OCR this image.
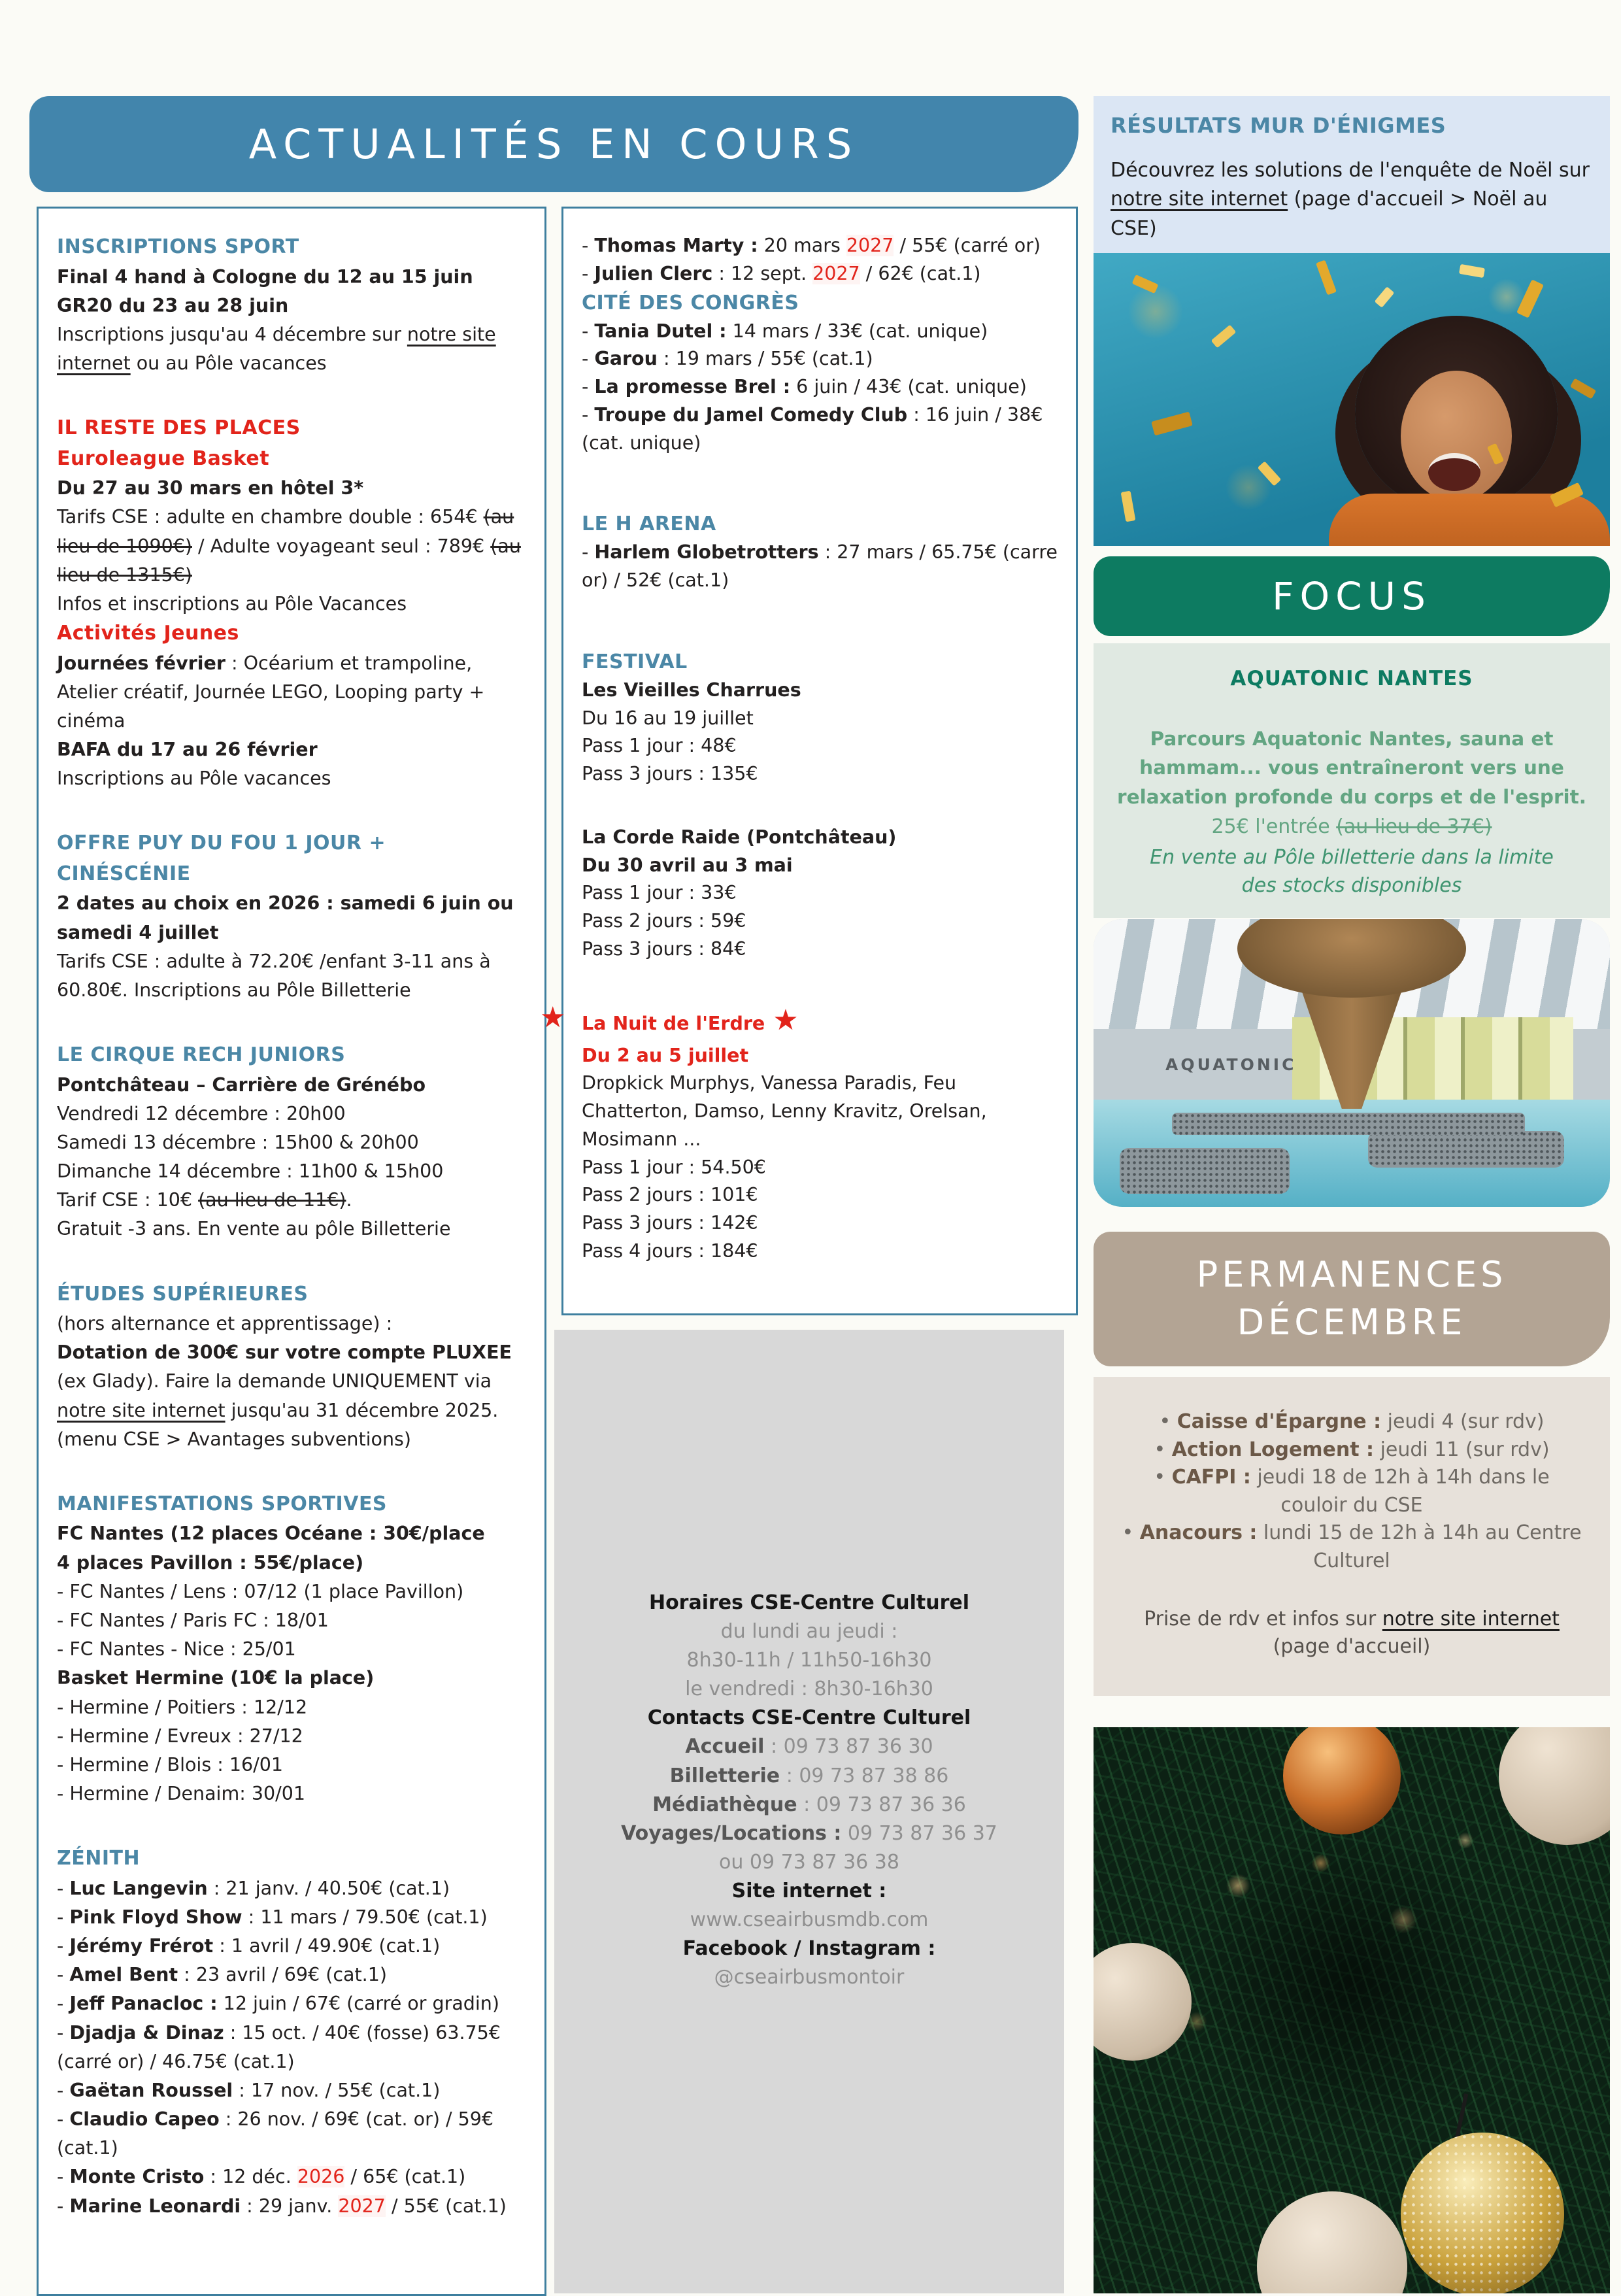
ACTUALITÉS EN COURS
INSCRIPTIONS SPORT
Final 4 hand à Cologne du 12 au 15 juin
GR20 du 23 au 28 juin
Inscriptions jusqu'au 4 décembre sur notre site internet ou au Pôle vacances
IL RESTE DES PLACES
Euroleague Basket
Du 27 au 30 mars en hôtel 3*
Tarifs CSE : adulte en chambre double : 654€ (au lieu de 1090€) / Adulte voyageant seul : 789€ (au lieu de 1315€)
Infos et inscriptions au Pôle Vacances
Activités Jeunes
Journées février : Océarium et trampoline, Atelier créatif, Journée LEGO, Looping party + cinéma
BAFA du 17 au 26 février
Inscriptions au Pôle vacances
OFFRE PUY DU FOU 1 JOUR + CINÉSCÉNIE
2 dates au choix en 2026 : samedi 6 juin ou
samedi 4 juillet
Tarifs CSE : adulte à 72.20€ /enfant 3-11 ans à 60.80€. Inscriptions au Pôle Billetterie
LE CIRQUE RECH JUNIORS
Pontchâteau – Carrière de Grénébo
Vendredi 12 décembre : 20h00
Samedi 13 décembre : 15h00 & 20h00
Dimanche 14 décembre : 11h00 & 15h00
Tarif CSE : 10€ (au lieu de 11€).
Gratuit -3 ans. En vente au pôle Billetterie
ÉTUDES SUPÉRIEURES
(hors alternance et apprentissage) :
Dotation de 300€ sur votre compte PLUXEE
(ex Glady). Faire la demande UNIQUEMENT via notre site internet jusqu'au 31 décembre 2025. (menu CSE > Avantages subventions)
MANIFESTATIONS SPORTIVES
FC Nantes (12 places Océane : 30€/place
4 places Pavillon : 55€/place)
- FC Nantes / Lens : 07/12 (1 place Pavillon)
- FC Nantes / Paris FC : 18/01
- FC Nantes - Nice : 25/01
Basket Hermine (10€ la place)
- Hermine / Poitiers : 12/12
- Hermine / Evreux : 27/12
- Hermine / Blois : 16/01
- Hermine / Denaim: 30/01
ZÉNITH
- Luc Langevin : 21 janv. / 40.50€ (cat.1)
- Pink Floyd Show : 11 mars / 79.50€ (cat.1)
- Jérémy Frérot : 1 avril / 49.90€ (cat.1)
- Amel Bent : 23 avril / 69€ (cat.1)
- Jeff Panacloc : 12 juin / 67€ (carré or gradin)
- Djadja & Dinaz : 15 oct. / 40€ (fosse) 63.75€ (carré or) / 46.75€ (cat.1)
- Gaëtan Roussel : 17 nov. / 55€ (cat.1)
- Claudio Capeo : 26 nov. / 69€ (cat. or) / 59€ (cat.1)
- Monte Cristo : 12 déc. 2026 / 65€ (cat.1)
- Marine Leonardi : 29 janv. 2027 / 55€ (cat.1)
- Thomas Marty : 20 mars 2027 / 55€ (carré or)
- Julien Clerc : 12 sept. 2027 / 62€ (cat.1)
CITÉ DES CONGRÈS
- Tania Dutel : 14 mars / 33€ (cat. unique)
- Garou : 19 mars / 55€ (cat.1)
- La promesse Brel : 6 juin / 43€ (cat. unique)
- Troupe du Jamel Comedy Club : 16 juin / 38€ (cat. unique)
LE H ARENA
- Harlem Globetrotters : 27 mars / 65.75€ (carre or) / 52€ (cat.1)
FESTIVAL
Les Vieilles Charrues
Du 16 au 19 juillet
Pass 1 jour : 48€
Pass 3 jours : 135€
La Corde Raide (Pontchâteau)
Du 30 avril au 3 mai
Pass 1 jour : 33€
Pass 2 jours : 59€
Pass 3 jours : 84€
★ La Nuit de l'Erdre ★
Du 2 au 5 juillet
Dropkick Murphys, Vanessa Paradis, Feu Chatterton, Damso, Lenny Kravitz, Orelsan, Mosimann ...
Pass 1 jour : 54.50€
Pass 2 jours : 101€
Pass 3 jours : 142€
Pass 4 jours : 184€
Horaires CSE-Centre Culturel
du lundi au jeudi :
8h30-11h / 11h50-16h30
le vendredi : 8h30-16h30
Contacts CSE-Centre Culturel
Accueil : 09 73 87 36 30
Billetterie : 09 73 87 38 86
Médiathèque : 09 73 87 36 36
Voyages/Locations : 09 73 87 36 37
ou 09 73 87 36 38
Site internet :
www.cseairbusmdb.com
Facebook / Instagram :
@cseairbusmontoir
RÉSULTATS MUR D'ÉNIGMES
Découvrez les solutions de l'enquête de Noël sur notre site internet (page d'accueil > Noël au CSE)
FOCUS
AQUATONIC NANTES
Parcours Aquatonic Nantes, sauna et hammam... vous entraîneront vers une relaxation profonde du corps et de l'esprit.
25€ l'entrée (au lieu de 37€)
En vente au Pôle billetterie dans la limite
des stocks disponibles
AQUATONIC
PERMANENCES
DÉCEMBRE
• Caisse d'Épargne : jeudi 4 (sur rdv)
• Action Logement : jeudi 11 (sur rdv)
• CAFPI : jeudi 18 de 12h à 14h dans le couloir du CSE
• Anacours : lundi 15 de 12h à 14h au Centre Culturel
Prise de rdv et infos sur notre site internet (page d'accueil)
